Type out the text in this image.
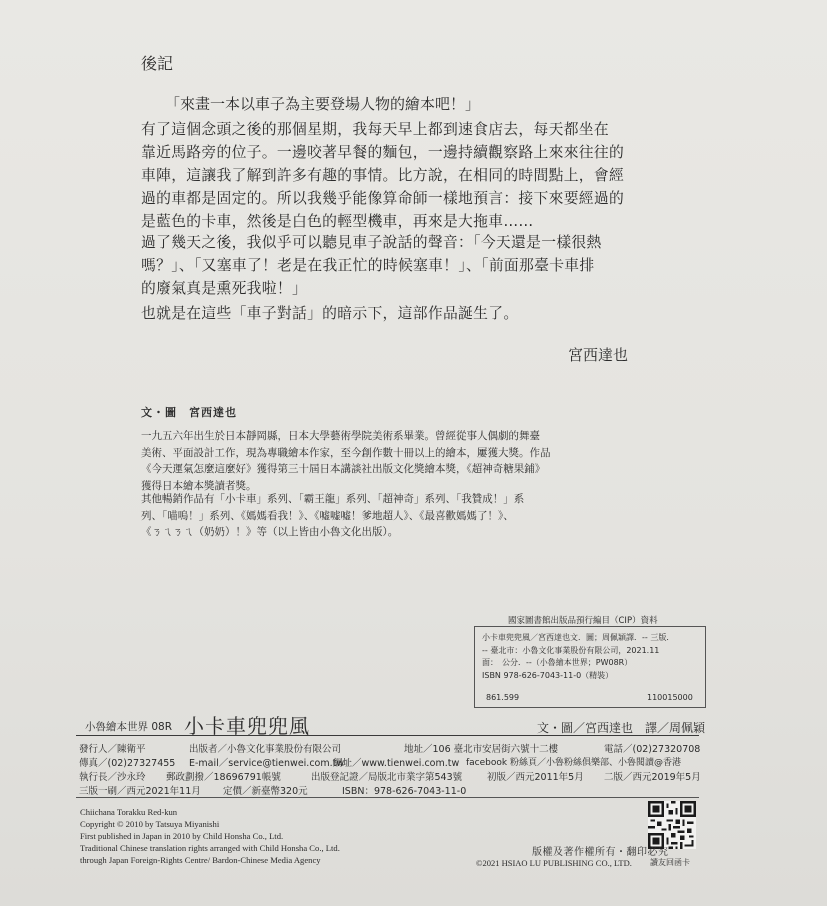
後記
「來畫一本以車子為主要登場人物的繪本吧！」
有了這個念頭之後的那個星期，我每天早上都到速食店去，每天都坐在
靠近馬路旁的位子。一邊咬著早餐的麵包，一邊持續觀察路上來來往往的
車陣，這讓我了解到許多有趣的事情。比方說，在相同的時間點上，會經
過的車都是固定的。所以我幾乎能像算命師一樣地預言：接下來要經過的
是藍色的卡車，然後是白色的輕型機車，再來是大拖車……
過了幾天之後，我似乎可以聽見車子說話的聲音：「今天還是一樣很熱
嗎？」、「又塞車了！老是在我正忙的時候塞車！」、「前面那臺卡車排
的廢氣真是熏死我啦！」
也就是在這些「車子對話」的暗示下，這部作品誕生了。
宮西達也
文・圖　宮西達也
一九五六年出生於日本靜岡縣，日本大學藝術學院美術系畢業。曾經從事人偶劇的舞臺
美術、平面設計工作，現為專職繪本作家，至今創作數十冊以上的繪本，屢獲大獎。作品
《今天運氣怎麼這麼好》獲得第三十屆日本講談社出版文化獎繪本獎，《超神奇糖果鋪》
獲得日本繪本獎讀者獎。
其他暢銷作品有「小卡車」系列、「霸王龍」系列、「超神奇」系列、「我贊成！」系
列、「喵嗚！」系列、《媽媽看我！》、《嘘嘘嘘！爹地超人》、《最喜歡媽媽了！》、
《ㄋㄟㄋㄟ（奶奶）！》等（以上皆由小魯文化出版）。
國家圖書館出版品預行編目（CIP）資料
小卡車兜兜風／宮西達也文．圖；周佩穎譯．-- 三版．
-- 臺北市：小魯文化事業股份有限公司，2021.11
面：　公分．--（小魯繪本世界；PW08R）
ISBN 978-626-7043-11-0（精裝）
861.599	110015000
小魯繪本世界 08R 小卡車兜兜風	文・圖／宮西達也　譯／周佩穎
發行人／陳衛平	出版者／小魯文化事業股份有限公司	地址／106 臺北市安居街六號十二樓	電話／(02)27320708
傳真／(02)27327455 E-mail／service@tienwei.com.tw
網址／www.tienwei.com.tw facebook 粉絲頁／小魯粉絲俱樂部、小魯閱讀@香港
執行長／沙永玲 郵政劃撥／18696791帳號	出版登記證／局版北市業字第543號	初版／西元2011年5月 二版／西元2019年5月
三版一刷／西元2021年11月 定價／新臺幣320元	ISBN：978-626-7043-11-0
Chiichana Torakku Red-kun
Copyright © 2010 by Tatsuya Miyanishi
First published in Japan in 2010 by Child Honsha Co., Ltd.
Traditional Chinese translation rights arranged with Child Honsha Co., Ltd.
through Japan Foreign-Rights Centre/ Bardon-Chinese Media Agency
版權及著作權所有・翻印必究
©2021 HSIAO LU PUBLISHING CO., LTD. 讀友回函卡
